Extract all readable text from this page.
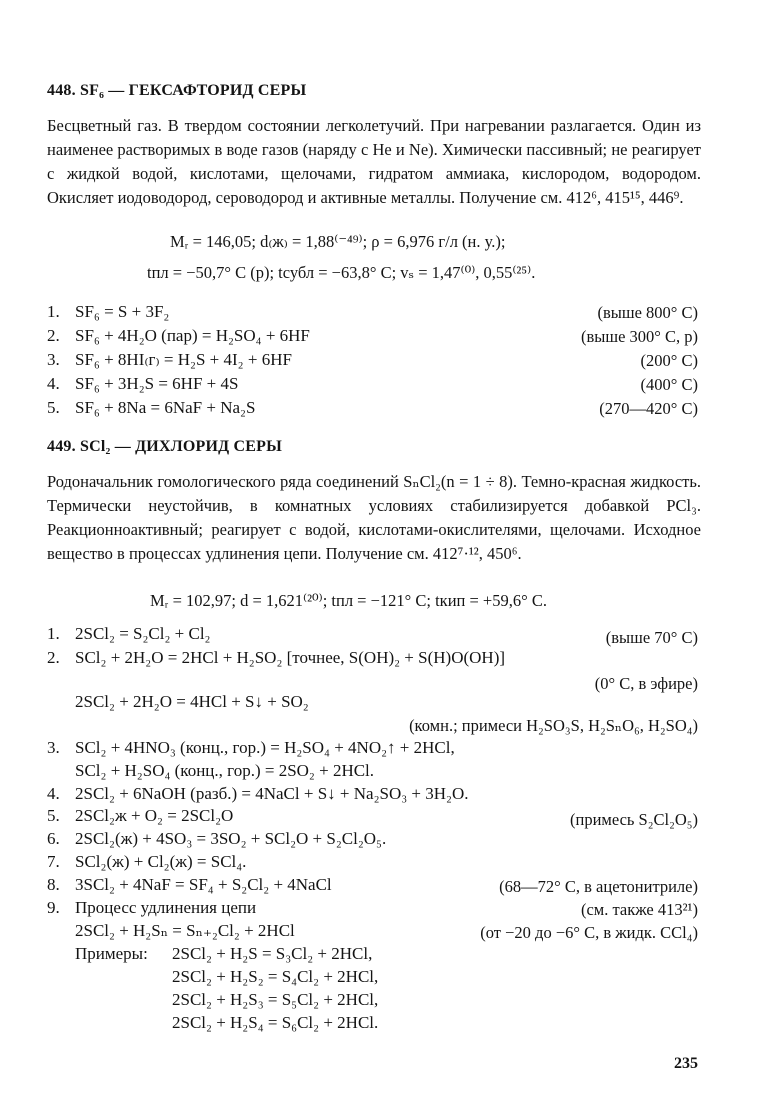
448. SF₆ — ГЕКСАФТОРИД СЕРЫ
Бесцветный газ. В твердом состоянии легколетучий. При нагревании разлагается. Один из наименее растворимых в воде газов (наряду с He и Ne). Химически пассивный; не реагирует с жидкой водой, кислотами, щелочами, гидратом аммиака, кислородом, водородом. Окисляет иодоводород, сероводород и активные металлы. Получение см. 412⁶, 415¹⁵, 446⁹.
Mᵣ = 146,05; d₍ж₎ = 1,88⁽⁻⁴⁹⁾; ρ = 6,976 г/л (н. у.);
tпл = −50,7° C (p); tсубл = −63,8° C; vₛ = 1,47⁽⁰⁾, 0,55⁽²⁵⁾.
1. SF₆ = S + 3F₂	(выше 800° C)
2. SF₆ + 4H₂O (пар) = H₂SO₄ + 6HF	(выше 300° C, p)
3. SF₆ + 8HI₍г₎ = H₂S + 4I₂ + 6HF	(200° C)
4. SF₆ + 3H₂S = 6HF + 4S	(400° C)
5. SF₆ + 8Na = 6NaF + Na₂S	(270—420° C)
449. SCl₂ — ДИХЛОРИД СЕРЫ
Родоначальник гомологического ряда соединений SₙCl₂(n = 1 ÷ 8). Темно-красная жидкость. Термически неустойчив, в комнатных условиях стабилизируется добавкой PCl₃. Реакционноактивный; реагирует с водой, кислотами-окислителями, щелочами. Исходное вещество в процессах удлинения цепи. Получение см. 412⁷·¹², 450⁶.
Mᵣ = 102,97; d = 1,621⁽²⁰⁾; tпл = −121° C; tкип = +59,6° C.
1. 2SCl₂ = S₂Cl₂ + Cl₂	(выше 70° C)
2. SCl₂ + 2H₂O = 2HCl + H₂SO₂ [точнее, S(OH)₂ + S(H)O(OH)]
(0° C, в эфире)
2SCl₂ + 2H₂O = 4HCl + S↓ + SO₂
(комн.; примеси H₂SO₃S, H₂SₙO₆, H₂SO₄)
3. SCl₂ + 4HNO₃ (конц., гор.) = H₂SO₄ + 4NO₂↑ + 2HCl,
SCl₂ + H₂SO₄ (конц., гор.) = 2SO₂ + 2HCl.
4. 2SCl₂ + 6NaOH (разб.) = 4NaCl + S↓ + Na₂SO₃ + 3H₂O.
5. 2SCl₂ж + O₂ = 2SCl₂O	(примесь S₂Cl₂O₅)
6. 2SCl₂(ж) + 4SO₃ = 3SO₂ + SCl₂O + S₂Cl₂O₅.
7. SCl₂(ж) + Cl₂(ж) = SCl₄.
8. 3SCl₂ + 4NaF = SF₄ + S₂Cl₂ + 4NaCl	(68—72° C, в ацетонитриле)
9. Процесс удлинения цепи	(см. также 413²¹)
2SCl₂ + H₂Sₙ = Sₙ₊₂Cl₂ + 2HCl	(от −20 до −6° C, в жидк. CCl₄)
Примеры: 2SCl₂ + H₂S = S₃Cl₂ + 2HCl,
2SCl₂ + H₂S₂ = S₄Cl₂ + 2HCl,
2SCl₂ + H₂S₃ = S₅Cl₂ + 2HCl,
2SCl₂ + H₂S₄ = S₆Cl₂ + 2HCl.
235
